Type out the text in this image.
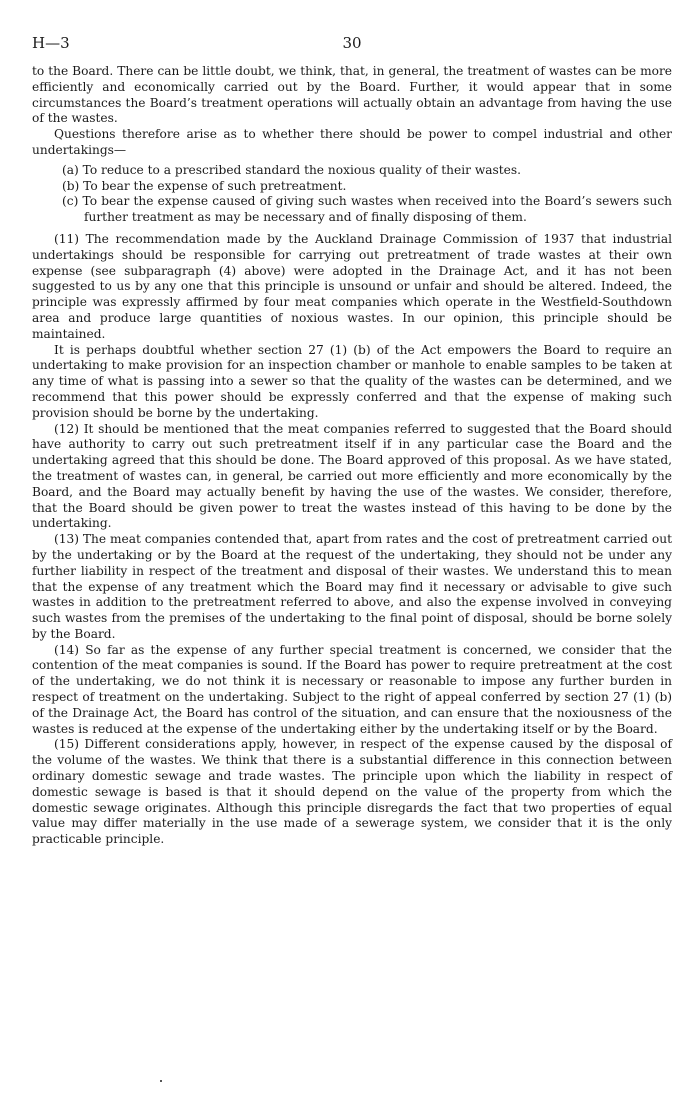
H—3	30

to the Board. There can be little doubt, we think, that, in general, the treatment of wastes can be more efficiently and economically carried out by the Board. Further, it would appear that in some circumstances the Board’s treatment operations will actually obtain an advantage from having the use of the wastes.

Questions therefore arise as to whether there should be power to compel industrial and other undertakings—

(a) To reduce to a prescribed standard the noxious quality of their wastes.
(b) To bear the expense of such pretreatment.
(c) To bear the expense caused of giving such wastes when received into the Board’s sewers such further treatment as may be necessary and of finally disposing of them.

(11) The recommendation made by the Auckland Drainage Commission of 1937 that industrial undertakings should be responsible for carrying out pretreatment of trade wastes at their own expense (see subparagraph (4) above) were adopted in the Drainage Act, and it has not been suggested to us by any one that this principle is unsound or unfair and should be altered. Indeed, the principle was expressly affirmed by four meat companies which operate in the Westfield-Southdown area and produce large quantities of noxious wastes. In our opinion, this principle should be maintained.

It is perhaps doubtful whether section 27 (1) (b) of the Act empowers the Board to require an undertaking to make provision for an inspection chamber or manhole to enable samples to be taken at any time of what is passing into a sewer so that the quality of the wastes can be determined, and we recommend that this power should be expressly conferred and that the expense of making such provision should be borne by the undertaking.

(12) It should be mentioned that the meat companies referred to suggested that the Board should have authority to carry out such pretreatment itself if in any particular case the Board and the undertaking agreed that this should be done. The Board approved of this proposal. As we have stated, the treatment of wastes can, in general, be carried out more efficiently and more economically by the Board, and the Board may actually benefit by having the use of the wastes. We consider, therefore, that the Board should be given power to treat the wastes instead of this having to be done by the undertaking.

(13) The meat companies contended that, apart from rates and the cost of pretreatment carried out by the undertaking or by the Board at the request of the undertaking, they should not be under any further liability in respect of the treatment and disposal of their wastes. We understand this to mean that the expense of any treatment which the Board may find it necessary or advisable to give such wastes in addition to the pretreatment referred to above, and also the expense involved in conveying such wastes from the premises of the undertaking to the final point of disposal, should be borne solely by the Board.

(14) So far as the expense of any further special treatment is concerned, we consider that the contention of the meat companies is sound. If the Board has power to require pretreatment at the cost of the undertaking, we do not think it is necessary or reasonable to impose any further burden in respect of treatment on the undertaking. Subject to the right of appeal conferred by section 27 (1) (b) of the Drainage Act, the Board has control of the situation, and can ensure that the noxiousness of the wastes is reduced at the expense of the undertaking either by the undertaking itself or by the Board.

(15) Different considerations apply, however, in respect of the expense caused by the disposal of the volume of the wastes. We think that there is a substantial difference in this connection between ordinary domestic sewage and trade wastes. The principle upon which the liability in respect of domestic sewage is based is that it should depend on the value of the property from which the domestic sewage originates. Although this principle disregards the fact that two properties of equal value may differ materially in the use made of a sewerage system, we consider that it is the only practicable principle.
